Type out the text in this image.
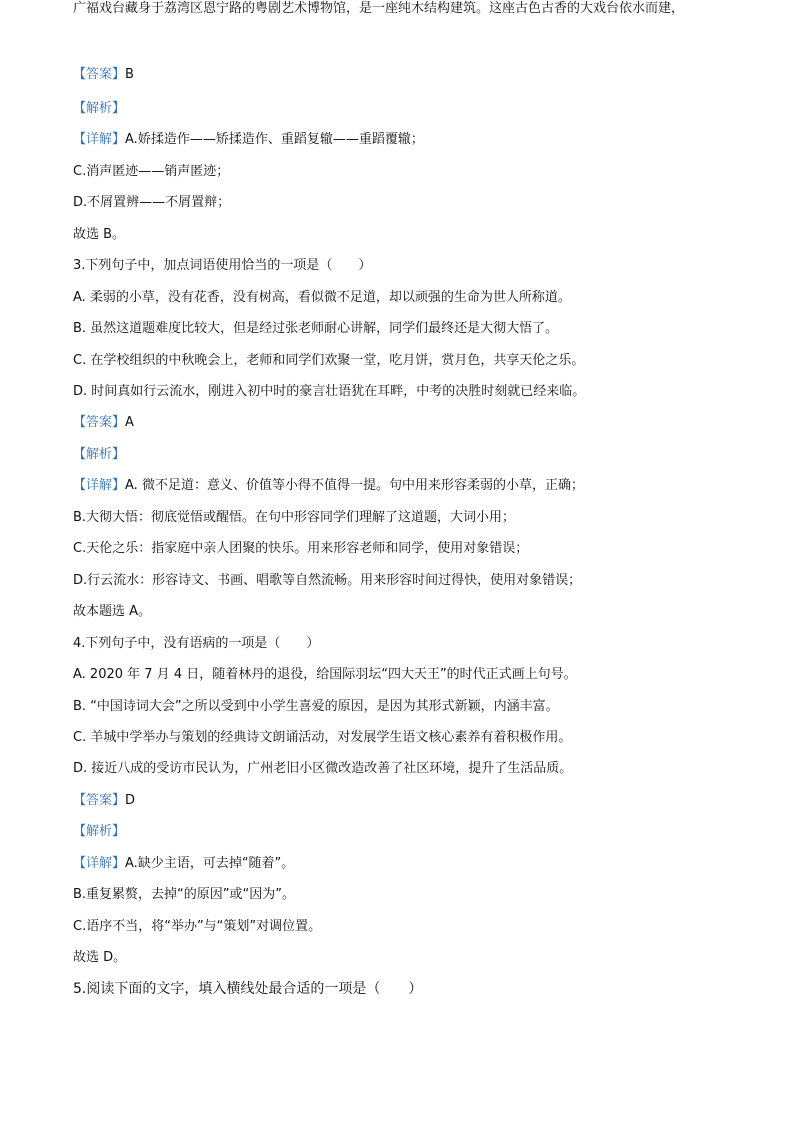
【答案】B
【解析】
【详解】A.娇揉造作——矫揉造作、重蹈复辙——重蹈覆辙；
C.消声匿迹——销声匿迹；
D.不屑置辨——不屑置辩；
故选 B。
3.下列句子中，加点词语使用恰当的一项是（　　）
A. 柔弱的小草，没有花香，没有树高，看似微不足道，却以顽强的生命为世人所称道。
B. 虽然这道题难度比较大，但是经过张老师耐心讲解，同学们最终还是大彻大悟了。
C. 在学校组织的中秋晚会上，老师和同学们欢聚一堂，吃月饼，赏月色，共享天伦之乐。
D. 时间真如行云流水，刚进入初中时的豪言壮语犹在耳畔，中考的决胜时刻就已经来临。
【答案】A
【解析】
【详解】A. 微不足道：意义、价值等小得不值得一提。句中用来形容柔弱的小草，正确；
B.大彻大悟：彻底觉悟或醒悟。在句中形容同学们理解了这道题，大词小用；
C.天伦之乐：指家庭中亲人团聚的快乐。用来形容老师和同学，使用对象错误；
D.行云流水：形容诗文、书画、唱歌等自然流畅。用来形容时间过得快，使用对象错误；
故本题选 A。
4.下列句子中，没有语病的一项是（　　）
A. 2020 年 7 月 4 日，随着林丹的退役，给国际羽坛“四大天王”的时代正式画上句号。
B. “中国诗词大会”之所以受到中小学生喜爱的原因，是因为其形式新颖，内涵丰富。
C. 羊城中学举办与策划的经典诗文朗诵活动，对发展学生语文核心素养有着积极作用。
D. 接近八成的受访市民认为，广州老旧小区微改造改善了社区环境，提升了生活品质。
【答案】D
【解析】
【详解】A.缺少主语，可去掉“随着”。
B.重复累赘，去掉“的原因”或“因为”。
C.语序不当，将“举办”与“策划”对调位置。
故选 D。
5.阅读下面的文字，填入横线处最合适的一项是（　　）
广福戏台藏身于荔湾区恩宁路的粤剧艺术博物馆，是一座纯木结构建筑。这座古色古香的大戏台依水而建，
